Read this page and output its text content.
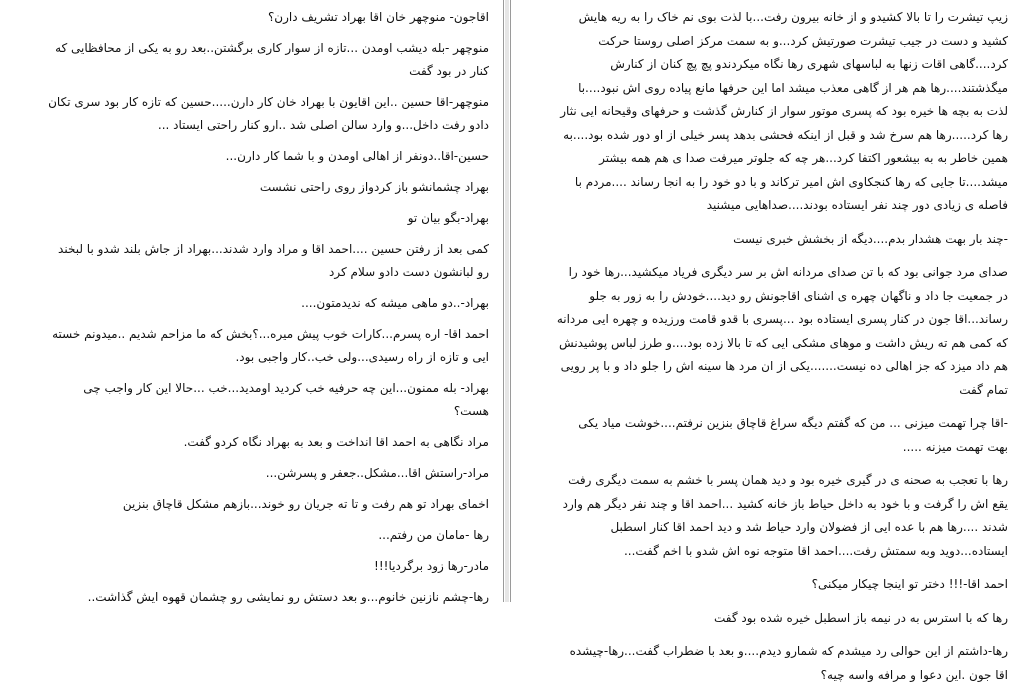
اقاجون- منوچهر خان اقا بهراد تشریف دارن؟

منوچهر -بله دیشب اومدن ...تازه از سوار کاری برگشتن..بعد رو به یکی از محافظایی که
کنار در بود گفت

منوچهر-اقا حسین ..این اقایون با بهراد خان کار دارن.....حسین که تازه کار بود سری تکان
دادو رفت داخل...و وارد سالن اصلی شد ..ارو کنار راحتی ایستاد ...

حسین-اقا..دونفر از اهالی اومدن و با شما کار دارن...

بهراد چشمانشو باز کردواز روی راحتی نشست

بهراد-بگو بیان تو

کمی بعد از رفتن حسین ....احمد اقا و مراد وارد شدند...بهراد از جاش بلند شدو با لبخند
رو لبانشون دست دادو سلام کرد

بهراد-..دو ماهی میشه که ندیدمتون....

احمد اقا- اره پسرم...کارات خوب پیش میره...؟بخش که ما مزاحم شدیم ..میدونم خسته
ایی و تازه از راه رسیدی...ولی خب..کار واجبی بود.

بهراد- بله ممنون...این چه حرفیه خب کردید اومدید...خب ...حالا این کار واجب چی
هست؟

مراد نگاهی به احمد اقا انداخت و بعد به بهراد نگاه کردو گفت.

مراد-راستش اقا...مشکل..جعفر و پسرشن...

اخمای بهراد تو هم رفت و تا ته جریان رو خوند...بازهم مشکل قاچاق بنزین

رها -مامان من رفتم...

مادر-رها زود برگردیا!!!

رها-چشم نازنین خانوم...و بعد دستش رو نمایشی رو چشمان قهوه ایش گذاشت..

زیپ تیشرت را تا بالا کشیدو و از خانه بیرون رفت...با لذت بوی نم خاک را به ریه هایش
کشید و دست در جیب تیشرت صورتیش کرد...و به سمت مرکز اصلی روستا حرکت
کرد....گاهی اقات زنها به لباسهای شهری رها نگاه میکردندو پچ پچ کنان از کنارش
میگذشتند....رها هم هر از گاهی معذب میشد اما این حرفها مانع پیاده روی اش نبود....با
لذت به بچه ها خیره بود که پسری موتور سوار از کنارش گذشت و حرفهای وقیحانه ایی نثار
رها کرد.....رها هم سرخ شد و قبل از اینکه فحشی بدهد پسر خیلی از او دور شده بود....به
همین خاطر به به بیشعور اکتفا کرد...هر چه که جلوتر میرفت صدا ی هم همه بیشتر
میشد....تا جایی که رها کنجکاوی اش امیر ترکاند و با دو خود را به انجا رساند ....مردم با
فاصله ی زیادی دور چند نفر ایستاده بودند....صداهایی میشنید

-چند بار بهت هشدار بدم....دیگه از بخشش خبری نیست

صدای مرد جوانی بود که با تن صدای مردانه اش بر سر دیگری فریاد میکشید...رها خود را
در جمعیت جا داد و ناگهان چهره ی اشنای اقاجونش رو دید....خودش را به زور به جلو
رساند...اقا جون در کنار پسری ایستاده بود ...پسری با قدو قامت ورزیده و چهره ایی مردانه
که کمی هم ته ریش داشت و موهای مشکی ایی که تا بالا زده بود....و طرز لباس پوشیدنش
هم داد میزد که جز اهالی ده نیست.......یکی از ان مرد ها سینه اش را جلو داد و با پر رویی
تمام گفت

-اقا چرا تهمت میزنی ... من که گفتم دیگه سراغ قاچاق بنزین نرفتم....خوشت میاد یکی
بهت تهمت میزنه .....

رها با تعجب به صحنه ی در گیری خیره بود و دید همان پسر با خشم به سمت دیگری رفت
یقع اش را گرفت و با خود به داخل حیاط باز خانه کشید ...احمد اقا و چند نفر دیگر هم وارد
شدند ....رها هم با عده ایی از فضولان وارد حیاط شد و دید احمد اقا کنار اسطبل
ایستاده...دوید وبه سمتش رفت....احمد اقا متوجه نوه اش شدو با اخم گفت...

احمد اقا-!!! دختر تو اینجا چیکار میکنی؟

رها که با استرس به در نیمه باز اسطبل خیره شده بود گفت

رها-داشتم از این حوالی رد میشدم که شمارو دیدم....و بعد با ضطراب گفت...رها-چیشده
اقا جون .این دعوا و مرافه واسه چیه؟
